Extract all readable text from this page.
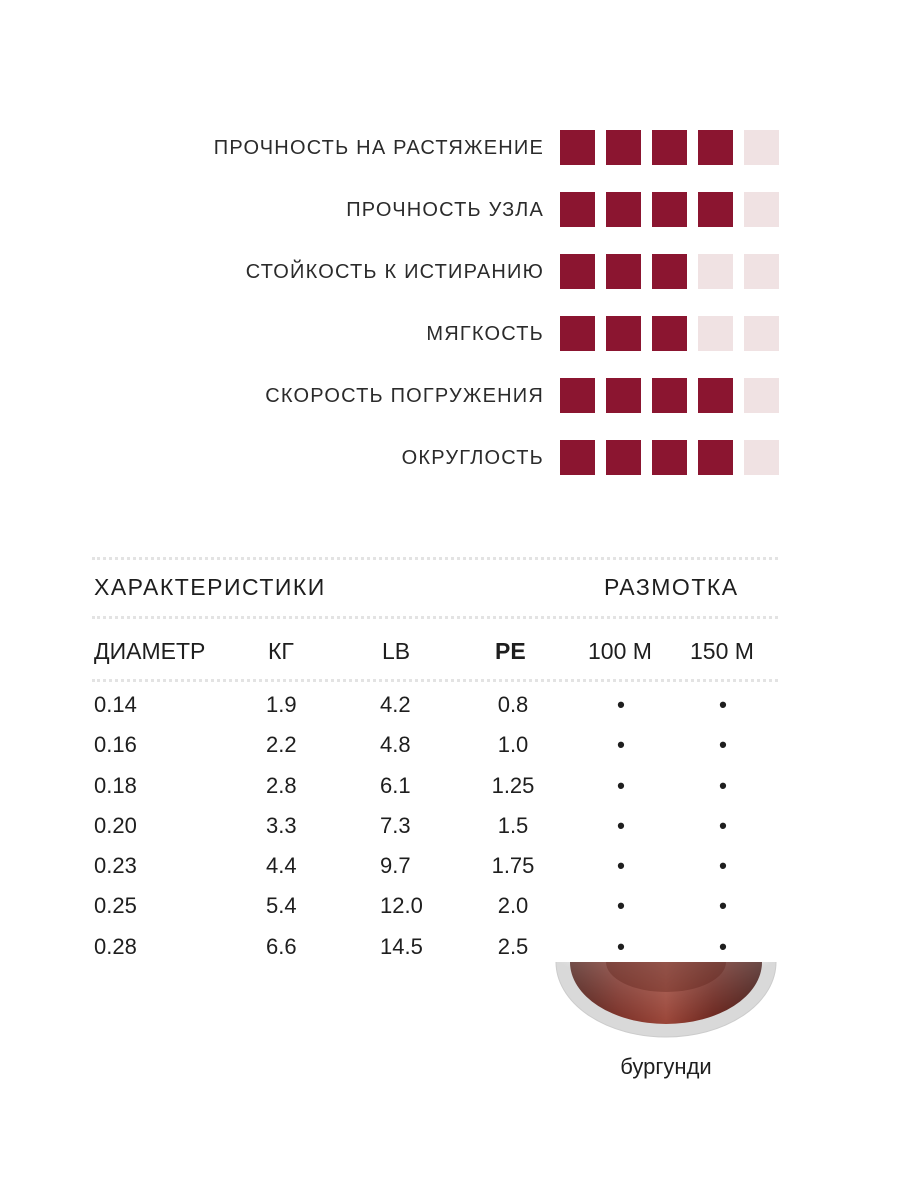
ПРОЧНОСТЬ НА РАСТЯЖЕНИЕ
ПРОЧНОСТЬ УЗЛА
СТОЙКОСТЬ К ИСТИРАНИЮ
МЯГКОСТЬ
СКОРОСТЬ ПОГРУЖЕНИЯ
ОКРУГЛОСТЬ
ХАРАКТЕРИСТИКИ	РАЗМОТКА
ДИАМЕТР	КГ	LB	PE	100 М 150 М
0.14	1.9	4.2	0.8	•	•
0.16	2.2	4.8	1.0	•	•
0.18	2.8	6.1	1.25	•	•
0.20	3.3	7.3	1.5	•	•
0.23	4.4	9.7	1.75	•	•
0.25	5.4	12.0	2.0	•	•
0.28	6.6	14.5	2.5	•	•
бургунди
